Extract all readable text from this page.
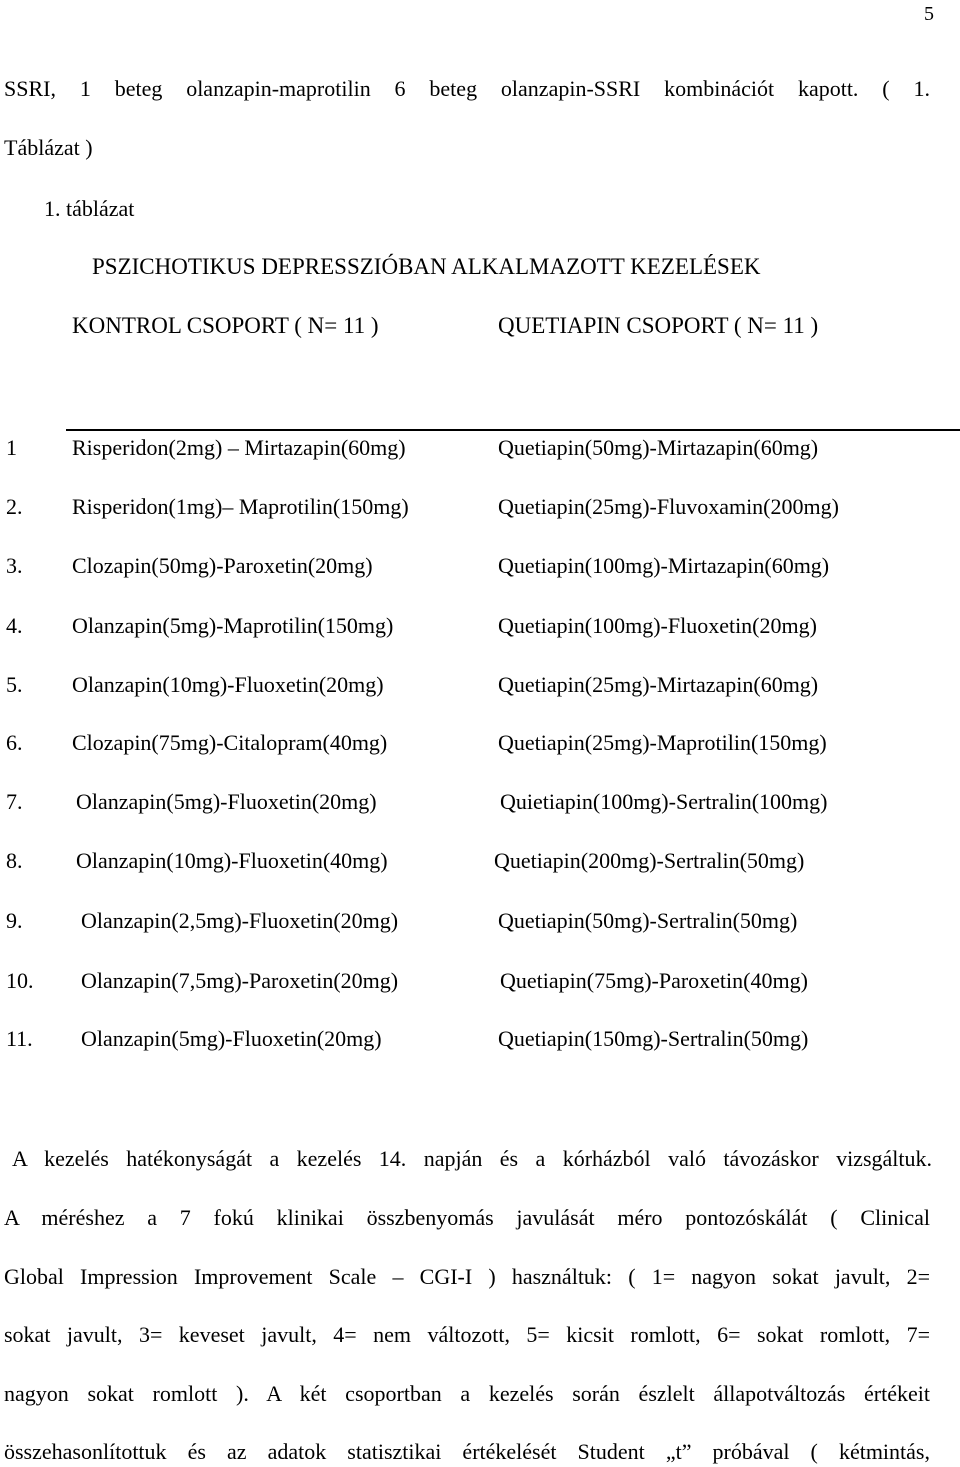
5
SSRI, 1 beteg olanzapin-maprotilin 6 beteg olanzapin-SSRI kombinációt kapott. ( 1.
Táblázat )
1. táblázat
PSZICHOTIKUS DEPRESSZIÓBAN ALKALMAZOTT KEZELÉSEK
KONTROL CSOPORT ( N= 11 )	QUETIAPIN CSOPORT ( N= 11 )
1	Risperidon(2mg) – Mirtazapin(60mg)	Quetiapin(50mg)-Mirtazapin(60mg)
2. Risperidon(1mg)– Maprotilin(150mg)	Quetiapin(25mg)-Fluvoxamin(200mg)
3. Clozapin(50mg)-Paroxetin(20mg)	Quetiapin(100mg)-Mirtazapin(60mg)
4. Olanzapin(5mg)-Maprotilin(150mg)	Quetiapin(100mg)-Fluoxetin(20mg)
5. Olanzapin(10mg)-Fluoxetin(20mg)	Quetiapin(25mg)-Mirtazapin(60mg)
6. Clozapin(75mg)-Citalopram(40mg)	Quetiapin(25mg)-Maprotilin(150mg)
7. Olanzapin(5mg)-Fluoxetin(20mg)	Quietiapin(100mg)-Sertralin(100mg)
8. Olanzapin(10mg)-Fluoxetin(40mg)	Quetiapin(200mg)-Sertralin(50mg)
9.	Olanzapin(2,5mg)-Fluoxetin(20mg)	Quetiapin(50mg)-Sertralin(50mg)
10. Olanzapin(7,5mg)-Paroxetin(20mg)	Quetiapin(75mg)-Paroxetin(40mg)
11. Olanzapin(5mg)-Fluoxetin(20mg)	Quetiapin(150mg)-Sertralin(50mg)
A kezelés hatékonyságát a kezelés 14. napján és a kórházból való távozáskor vizsgáltuk.
A méréshez a 7 fokú klinikai összbenyomás javulását méro pontozóskálát ( Clinical
Global Impression Improvement Scale – CGI-I ) használtuk: ( 1= nagyon sokat javult, 2=
sokat javult, 3= keveset javult, 4= nem változott, 5= kicsit romlott, 6= sokat romlott, 7=
nagyon sokat romlott ). A két csoportban a kezelés során észlelt állapotváltozás értékeit
összehasonlítottuk és az adatok statisztikai értékelését Student „t” próbával ( kétmintás,
